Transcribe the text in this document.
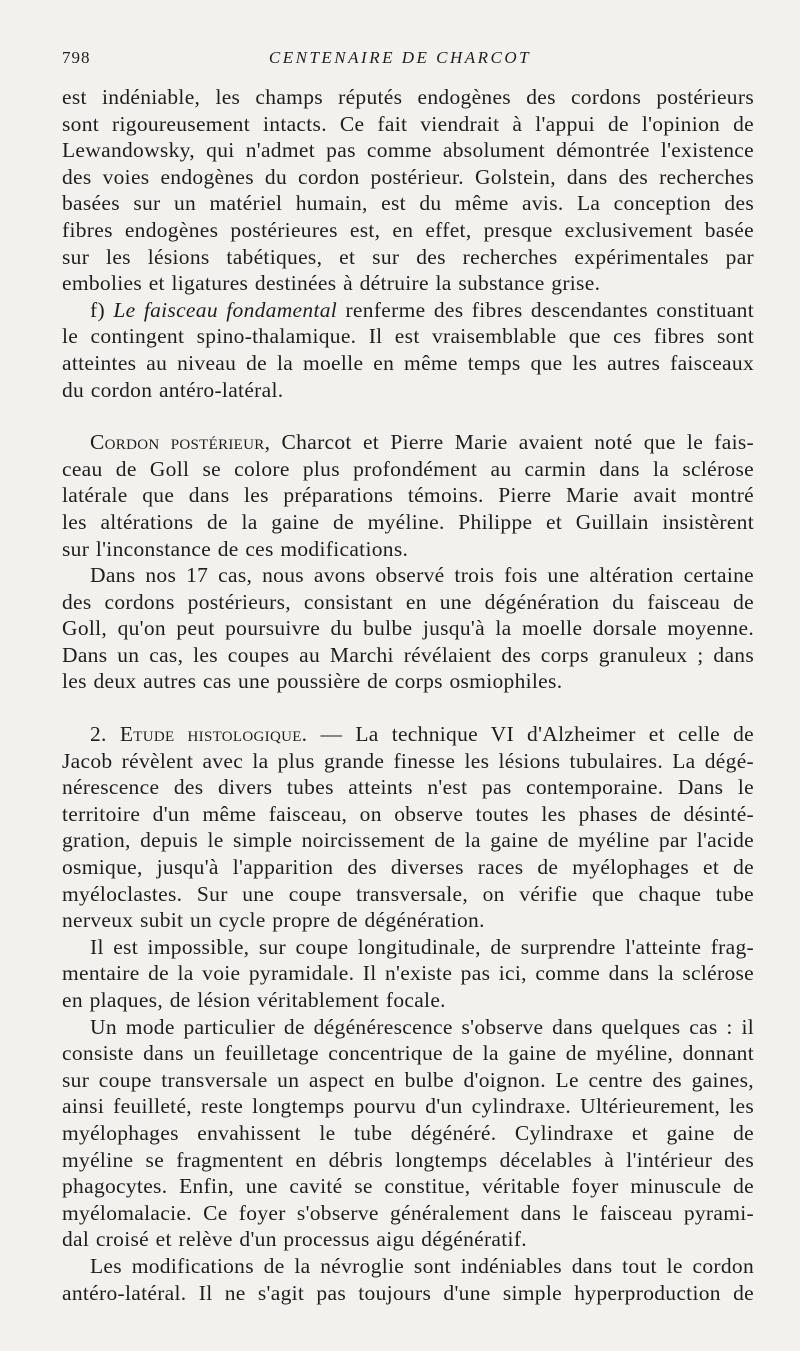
798	CENTENAIRE DE CHARCOT

est indéniable, les champs réputés endogènes des cordons postérieurs

sont rigoureusement intacts. Ce fait viendrait à l'appui de l'opinion de

Lewandowsky, qui n'admet pas comme absolument démontrée l'existence

des voies endogènes du cordon postérieur. Golstein, dans des recherches

basées sur un matériel humain, est du même avis. La conception des

fibres endogènes postérieures est, en effet, presque exclusivement basée

sur les lésions tabétiques, et sur des recherches expérimentales par

embolies et ligatures destinées à détruire la substance grise.

f) Le faisceau fondamental renferme des fibres descendantes constituant

le contingent spino-thalamique. Il est vraisemblable que ces fibres sont

atteintes au niveau de la moelle en même temps que les autres faisceaux

du cordon antéro-latéral.

Cordon postérieur, Charcot et Pierre Marie avaient noté que le fais-

ceau de Goll se colore plus profondément au carmin dans la sclérose

latérale que dans les préparations témoins. Pierre Marie avait montré

les altérations de la gaine de myéline. Philippe et Guillain insistèrent

sur l'inconstance de ces modifications.

Dans nos 17 cas, nous avons observé trois fois une altération certaine

des cordons postérieurs, consistant en une dégénération du faisceau de

Goll, qu'on peut poursuivre du bulbe jusqu'à la moelle dorsale moyenne.

Dans un cas, les coupes au Marchi révélaient des corps granuleux ; dans

les deux autres cas une poussière de corps osmiophiles.

2. Etude histologique. — La technique VI d'Alzheimer et celle de

Jacob révèlent avec la plus grande finesse les lésions tubulaires. La dégé-

nérescence des divers tubes atteints n'est pas contemporaine. Dans le

territoire d'un même faisceau, on observe toutes les phases de désinté-

gration, depuis le simple noircissement de la gaine de myéline par l'acide

osmique, jusqu'à l'apparition des diverses races de myélophages et de

myéloclastes. Sur une coupe transversale, on vérifie que chaque tube

nerveux subit un cycle propre de dégénération.

Il est impossible, sur coupe longitudinale, de surprendre l'atteinte frag-

mentaire de la voie pyramidale. Il n'existe pas ici, comme dans la sclérose

en plaques, de lésion véritablement focale.

Un mode particulier de dégénérescence s'observe dans quelques cas : il

consiste dans un feuilletage concentrique de la gaine de myéline, donnant

sur coupe transversale un aspect en bulbe d'oignon. Le centre des gaines,

ainsi feuilleté, reste longtemps pourvu d'un cylindraxe. Ultérieurement, les

myélophages envahissent le tube dégénéré. Cylindraxe et gaine de

myéline se fragmentent en débris longtemps décelables à l'intérieur des

phagocytes. Enfin, une cavité se constitue, véritable foyer minuscule de

myélomalacie. Ce foyer s'observe généralement dans le faisceau pyrami-

dal croisé et relève d'un processus aigu dégénératif.

Les modifications de la névroglie sont indéniables dans tout le cordon

antéro-latéral. Il ne s'agit pas toujours d'une simple hyperproduction de
